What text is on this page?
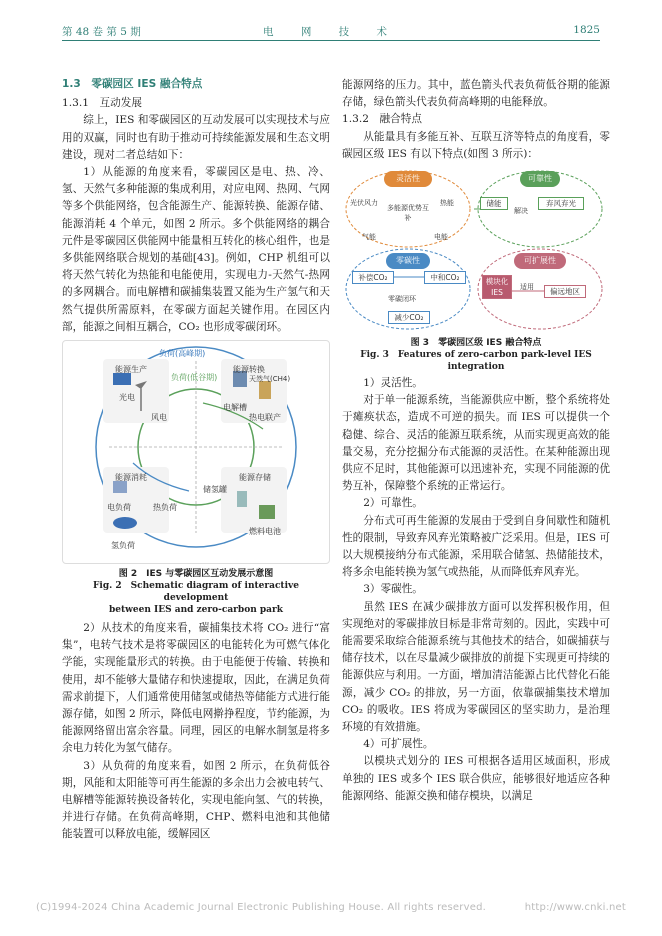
第 48 卷 第 5 期	电 网 技 术	1825
1.3　零碳园区 IES 融合特点
1.3.1　互动发展

综上，IES 和零碳园区的互动发展可以实现技术与应用的双赢，同时也有助于推动可持续能源发展和生态文明建设，现对二者总结如下：

1）从能源的角度来看，零碳园区是电、热、冷、氢、天然气多种能源的集成利用，对应电网、热网、气网等多个供能网络，包含能源生产、能源转换、能源存储、能源消耗 4 个单元，如图 2 所示。多个供能网络的耦合元件是零碳园区供能网中能量相互转化的核心组件，也是多供能网络联合规划的基础[43]。例如，CHP 机组可以将天然气转化为热能和电能使用，实现电力-天然气-热网的多网耦合。而电解槽和碳捕集装置又能为生产氢气和天然气提供所需原料，在零碳方面起关键作用。在园区内部，能源之间相互耦合，CO₂ 也形成零碳闭环。

负荷(高峰期)
负荷(低谷期)
能源生产	能源转换
光电
风电
电解槽
天然气(CH4)
热电联产
能源消耗	能源存储
热负荷
电负荷
氢负荷
储氢罐
燃料电池
图 2　IES 与零碳园区互动发展示意图
Fig. 2　Schematic diagram of interactive development
between IES and zero-carbon park

2）从技术的角度来看，碳捕集技术将 CO₂ 进行“富集”，电转气技术是将零碳园区的电能转化为可燃气体化学能，实现能量形式的转换。由于电能便于传输、转换和使用，却不能够大量储存和快速提取，因此，在满足负荷需求前提下，人们通常使用储氢或储热等储能方式进行能源存储，如图 2 所示，降低电网擀挣程度，节约能源，为能源网络留出富余容量。同理，园区的电解水制氢是将多余电力转化为氢气储存。

3）从负荷的角度来看，如图 2 所示，在负荷低谷期，风能和太阳能等可再生能源的多余出力会被电转气、电解槽等能源转换设备转化，实现电能向氢、气的转换，并进行存储。在负荷高峰期，CHP、燃料电池和其他储能装置可以释放电能，缓解园区

能源网络的压力。其中，蓝色箭头代表负荷低谷期的能源存储，绿色箭头代表负荷高峰期的电能释放。

1.3.2　融合特点

从能量具有多能互补、互联互济等特点的角度看，零碳园区级 IES 有以下特点(如图 3 所示)：

灵活性
光伏风力
多能源优势互补
热能
气能	电能
可靠性
储能
解决
弃风弃光
零碳性
补偿CO₂	中和CO₂
零碳闭环
减少CO₂
可扩展性
模块化IES
适用	偏远地区
图 3　零碳园区级 IES 融合特点
Fig. 3　Features of zero-carbon park-level IES integration

1）灵活性。

对于单一能源系统，当能源供应中断，整个系统将处于瘫痪状态，造成不可逆的损失。而 IES 可以提供一个稳健、综合、灵活的能源互联系统，从而实现更高效的能量交易，充分挖掘分布式能源的灵活性。在某种能源出现供应不足时，其他能源可以迅速补充，实现不同能源的优势互补，保障整个系统的正常运行。

2）可靠性。

分布式可再生能源的发展由于受到自身间歇性和随机性的限制，导致弃风弃光策略被广泛采用。但是，IES 可以大规模接纳分布式能源，采用联合储氢、热储能技术，将多余电能转换为氢气或热能，从而降低弃风弃光。

3）零碳性。

虽然 IES 在减少碳排放方面可以发挥积极作用，但实现绝对的零碳排放目标是非常苛刻的。因此，实践中可能需要采取综合能源系统与其他技术的结合，如碳捕获与储存技术，以在尽量减少碳排放的前提下实现更可持续的能源供应与利用。一方面，增加清洁能源占比代替化石能源，减少 CO₂ 的排放，另一方面，依靠碳捕集技术增加 CO₂ 的吸收。IES 将成为零碳园区的坚实助力，是治理环境的有效措施。

4）可扩展性。

以模块式划分的 IES 可根据各适用区域面积，形成单独的 IES 或多个 IES 联合供应，能够很好地适应各种能源网络、能源交换和储存模块，以满足

(C)1994-2024 China Academic Journal Electronic Publishing House. All rights reserved.	http://www.cnki.net
